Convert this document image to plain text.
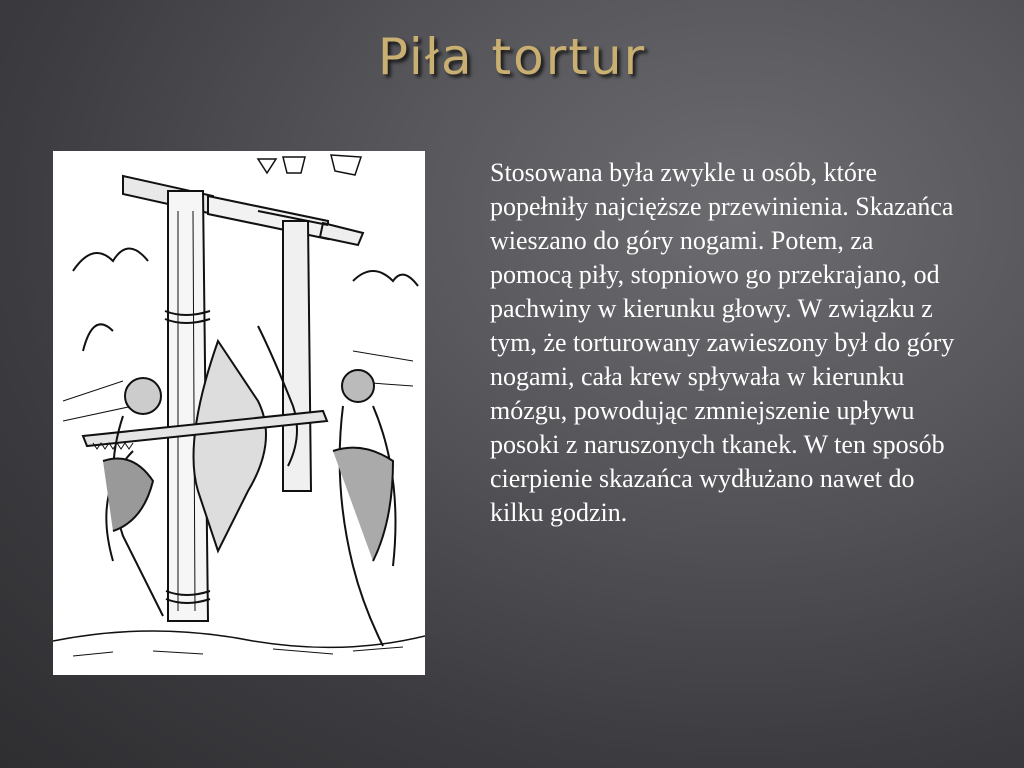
Piła tortur

Stosowana była zwykle u osób, które popełniły najcięższe przewinienia. Skazańca wieszano do góry nogami. Potem, za pomocą piły, stopniowo go przekrajano, od pachwiny w kierunku głowy. W związku z tym, że torturowany zawieszony był do góry nogami, cała krew spływała w kierunku mózgu, powodując zmniejszenie upływu posoki z naruszonych tkanek. W ten sposób cierpienie skazańca wydłużano nawet do kilku godzin.
